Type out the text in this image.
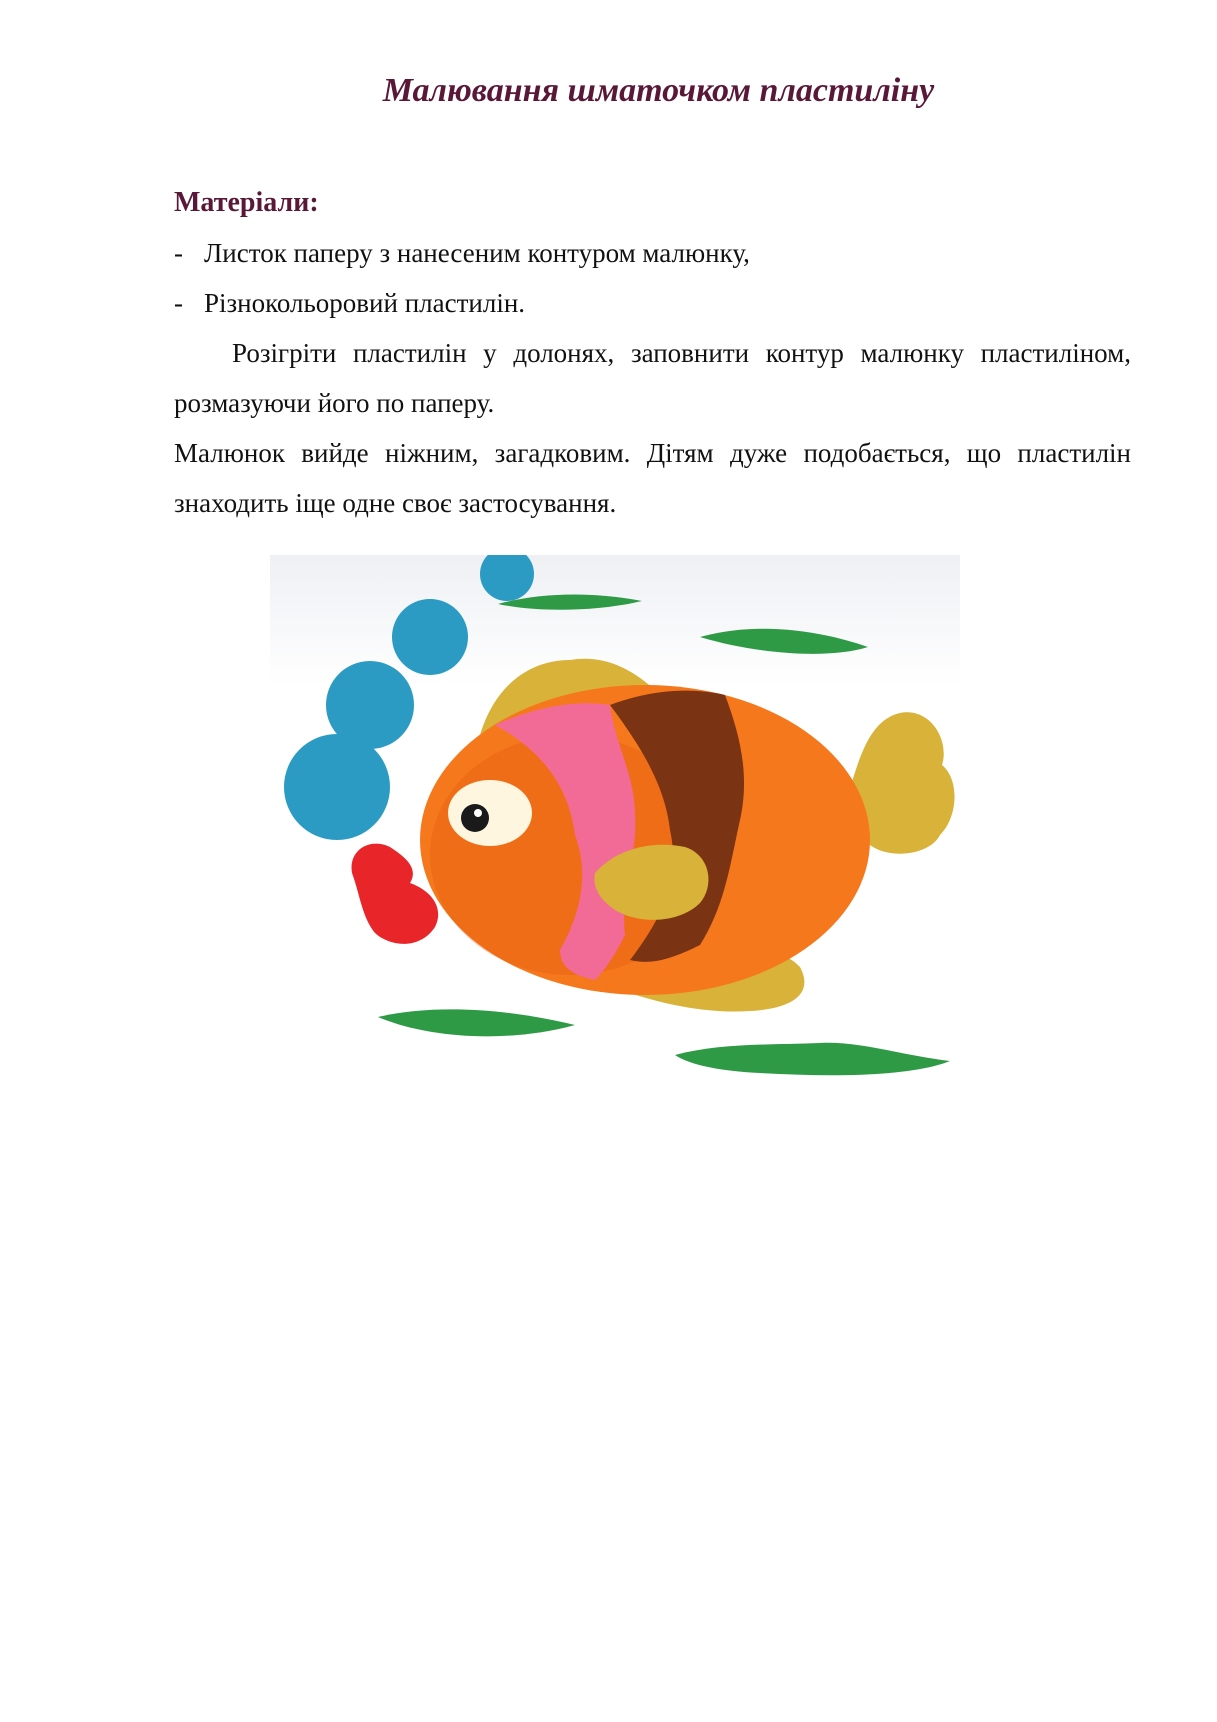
Малювання шматочком пластиліну

Матеріали:

- Листок паперу з нанесеним контуром малюнку,

- Різнокольоровий пластилін.

Розігріти пластилін у долонях, заповнити контур малюнку пластиліном, розмазуючи його по паперу.

Малюнок вийде ніжним, загадковим. Дітям дуже подобається, що пластилін знаходить іще одне своє застосування.
